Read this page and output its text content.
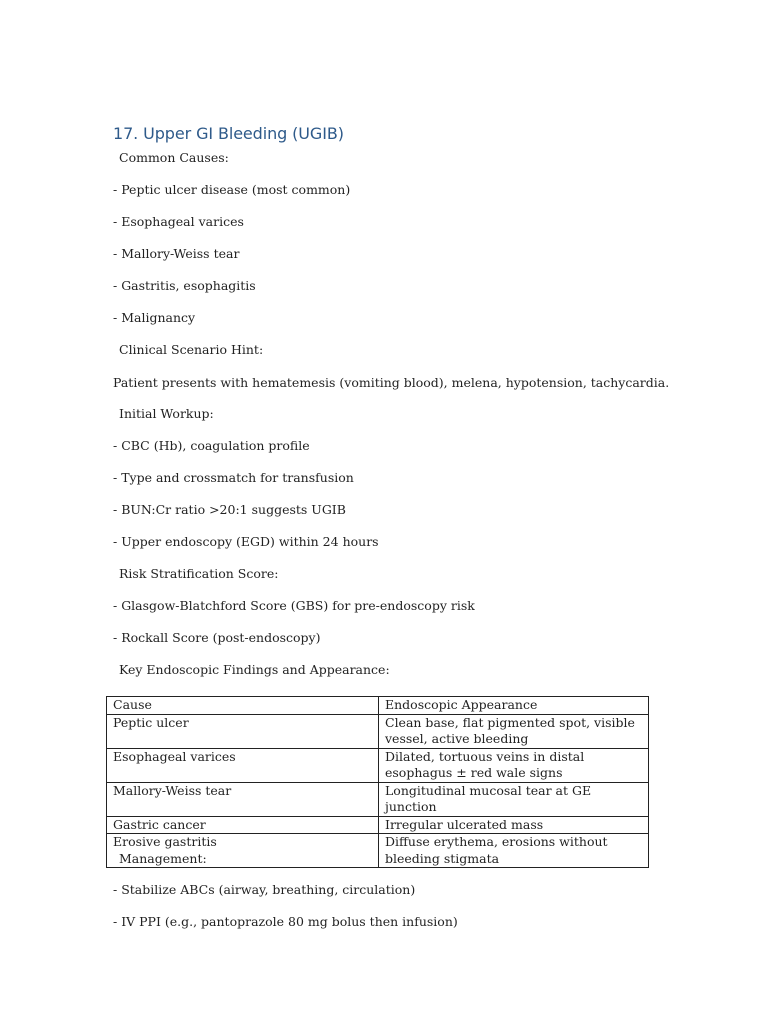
17. Upper GI Bleeding (UGIB)
Common Causes:
- Peptic ulcer disease (most common)
- Esophageal varices
- Mallory-Weiss tear
- Gastritis, esophagitis
- Malignancy
Clinical Scenario Hint:
Patient presents with hematemesis (vomiting blood), melena, hypotension, tachycardia.
Initial Workup:
- CBC (Hb), coagulation profile
- Type and crossmatch for transfusion
- BUN:Cr ratio >20:1 suggests UGIB
- Upper endoscopy (EGD) within 24 hours
Risk Stratification Score:
- Glasgow-Blatchford Score (GBS) for pre-endoscopy risk
- Rockall Score (post-endoscopy)
Key Endoscopic Findings and Appearance:
Cause	Endoscopic Appearance
Peptic ulcer	Clean base, flat pigmented spot, visible vessel, active bleeding
Esophageal varices	Dilated, tortuous veins in distal esophagus ± red wale signs
Mallory-Weiss tear	Longitudinal mucosal tear at GE junction
Gastric cancer	Irregular ulcerated mass
Erosive gastritis	Diffuse erythema, erosions without bleeding stigmata
Management:
- Stabilize ABCs (airway, breathing, circulation)
- IV PPI (e.g., pantoprazole 80 mg bolus then infusion)
